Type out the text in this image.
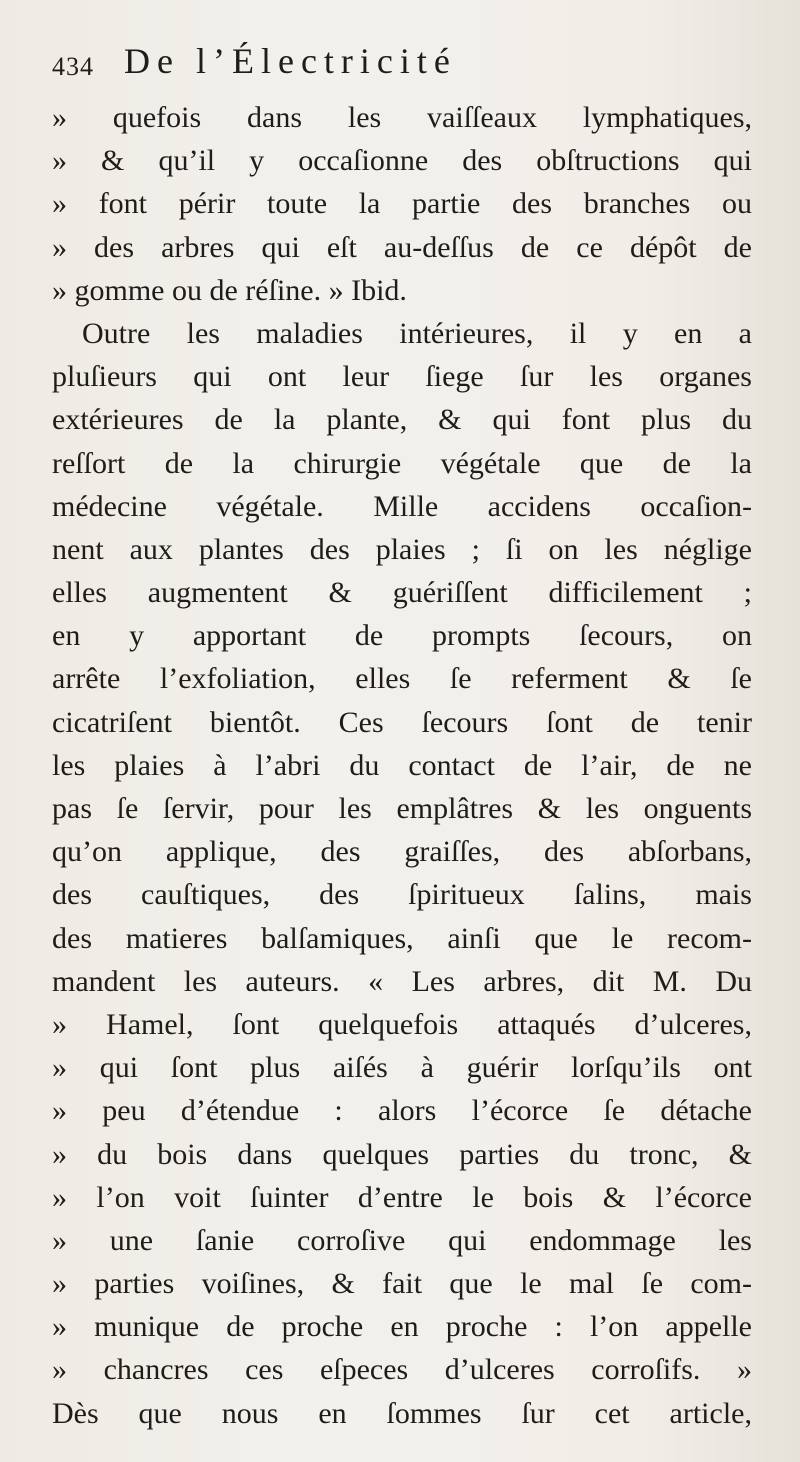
434 De l’Électricité
» quefois dans les vaiſſeaux lymphatiques,
» & qu’il y occaſionne des obſtructions qui
» font périr toute la partie des branches ou
» des arbres qui eſt au-deſſus de ce dépôt de
» gomme ou de réſine. » Ibid.
Outre les maladies intérieures, il y en a
pluſieurs qui ont leur ſiege ſur les organes
extérieures de la plante, & qui font plus du
reſſort de la chirurgie végétale que de la
médecine végétale. Mille accidens occaſion-
nent aux plantes des plaies ; ſi on les néglige
elles augmentent & guériſſent difficilement ;
en y apportant de prompts ſecours, on
arrête l’exfoliation, elles ſe referment & ſe
cicatriſent bientôt. Ces ſecours ſont de tenir
les plaies à l’abri du contact de l’air, de ne
pas ſe ſervir, pour les emplâtres & les onguents
qu’on applique, des graiſſes, des abſorbans,
des cauſtiques, des ſpiritueux ſalins, mais
des matieres balſamiques, ainſi que le recom-
mandent les auteurs. « Les arbres, dit M. Du
» Hamel, ſont quelquefois attaqués d’ulceres,
» qui ſont plus aiſés à guérir lorſqu’ils ont
» peu d’étendue : alors l’écorce ſe détache
» du bois dans quelques parties du tronc, &
» l’on voit ſuinter d’entre le bois & l’écorce
» une ſanie corroſive qui endommage les
» parties voiſines, & fait que le mal ſe com-
» munique de proche en proche : l’on appelle
» chancres ces eſpeces d’ulceres corroſifs. »
Dès que nous en ſommes ſur cet article,
